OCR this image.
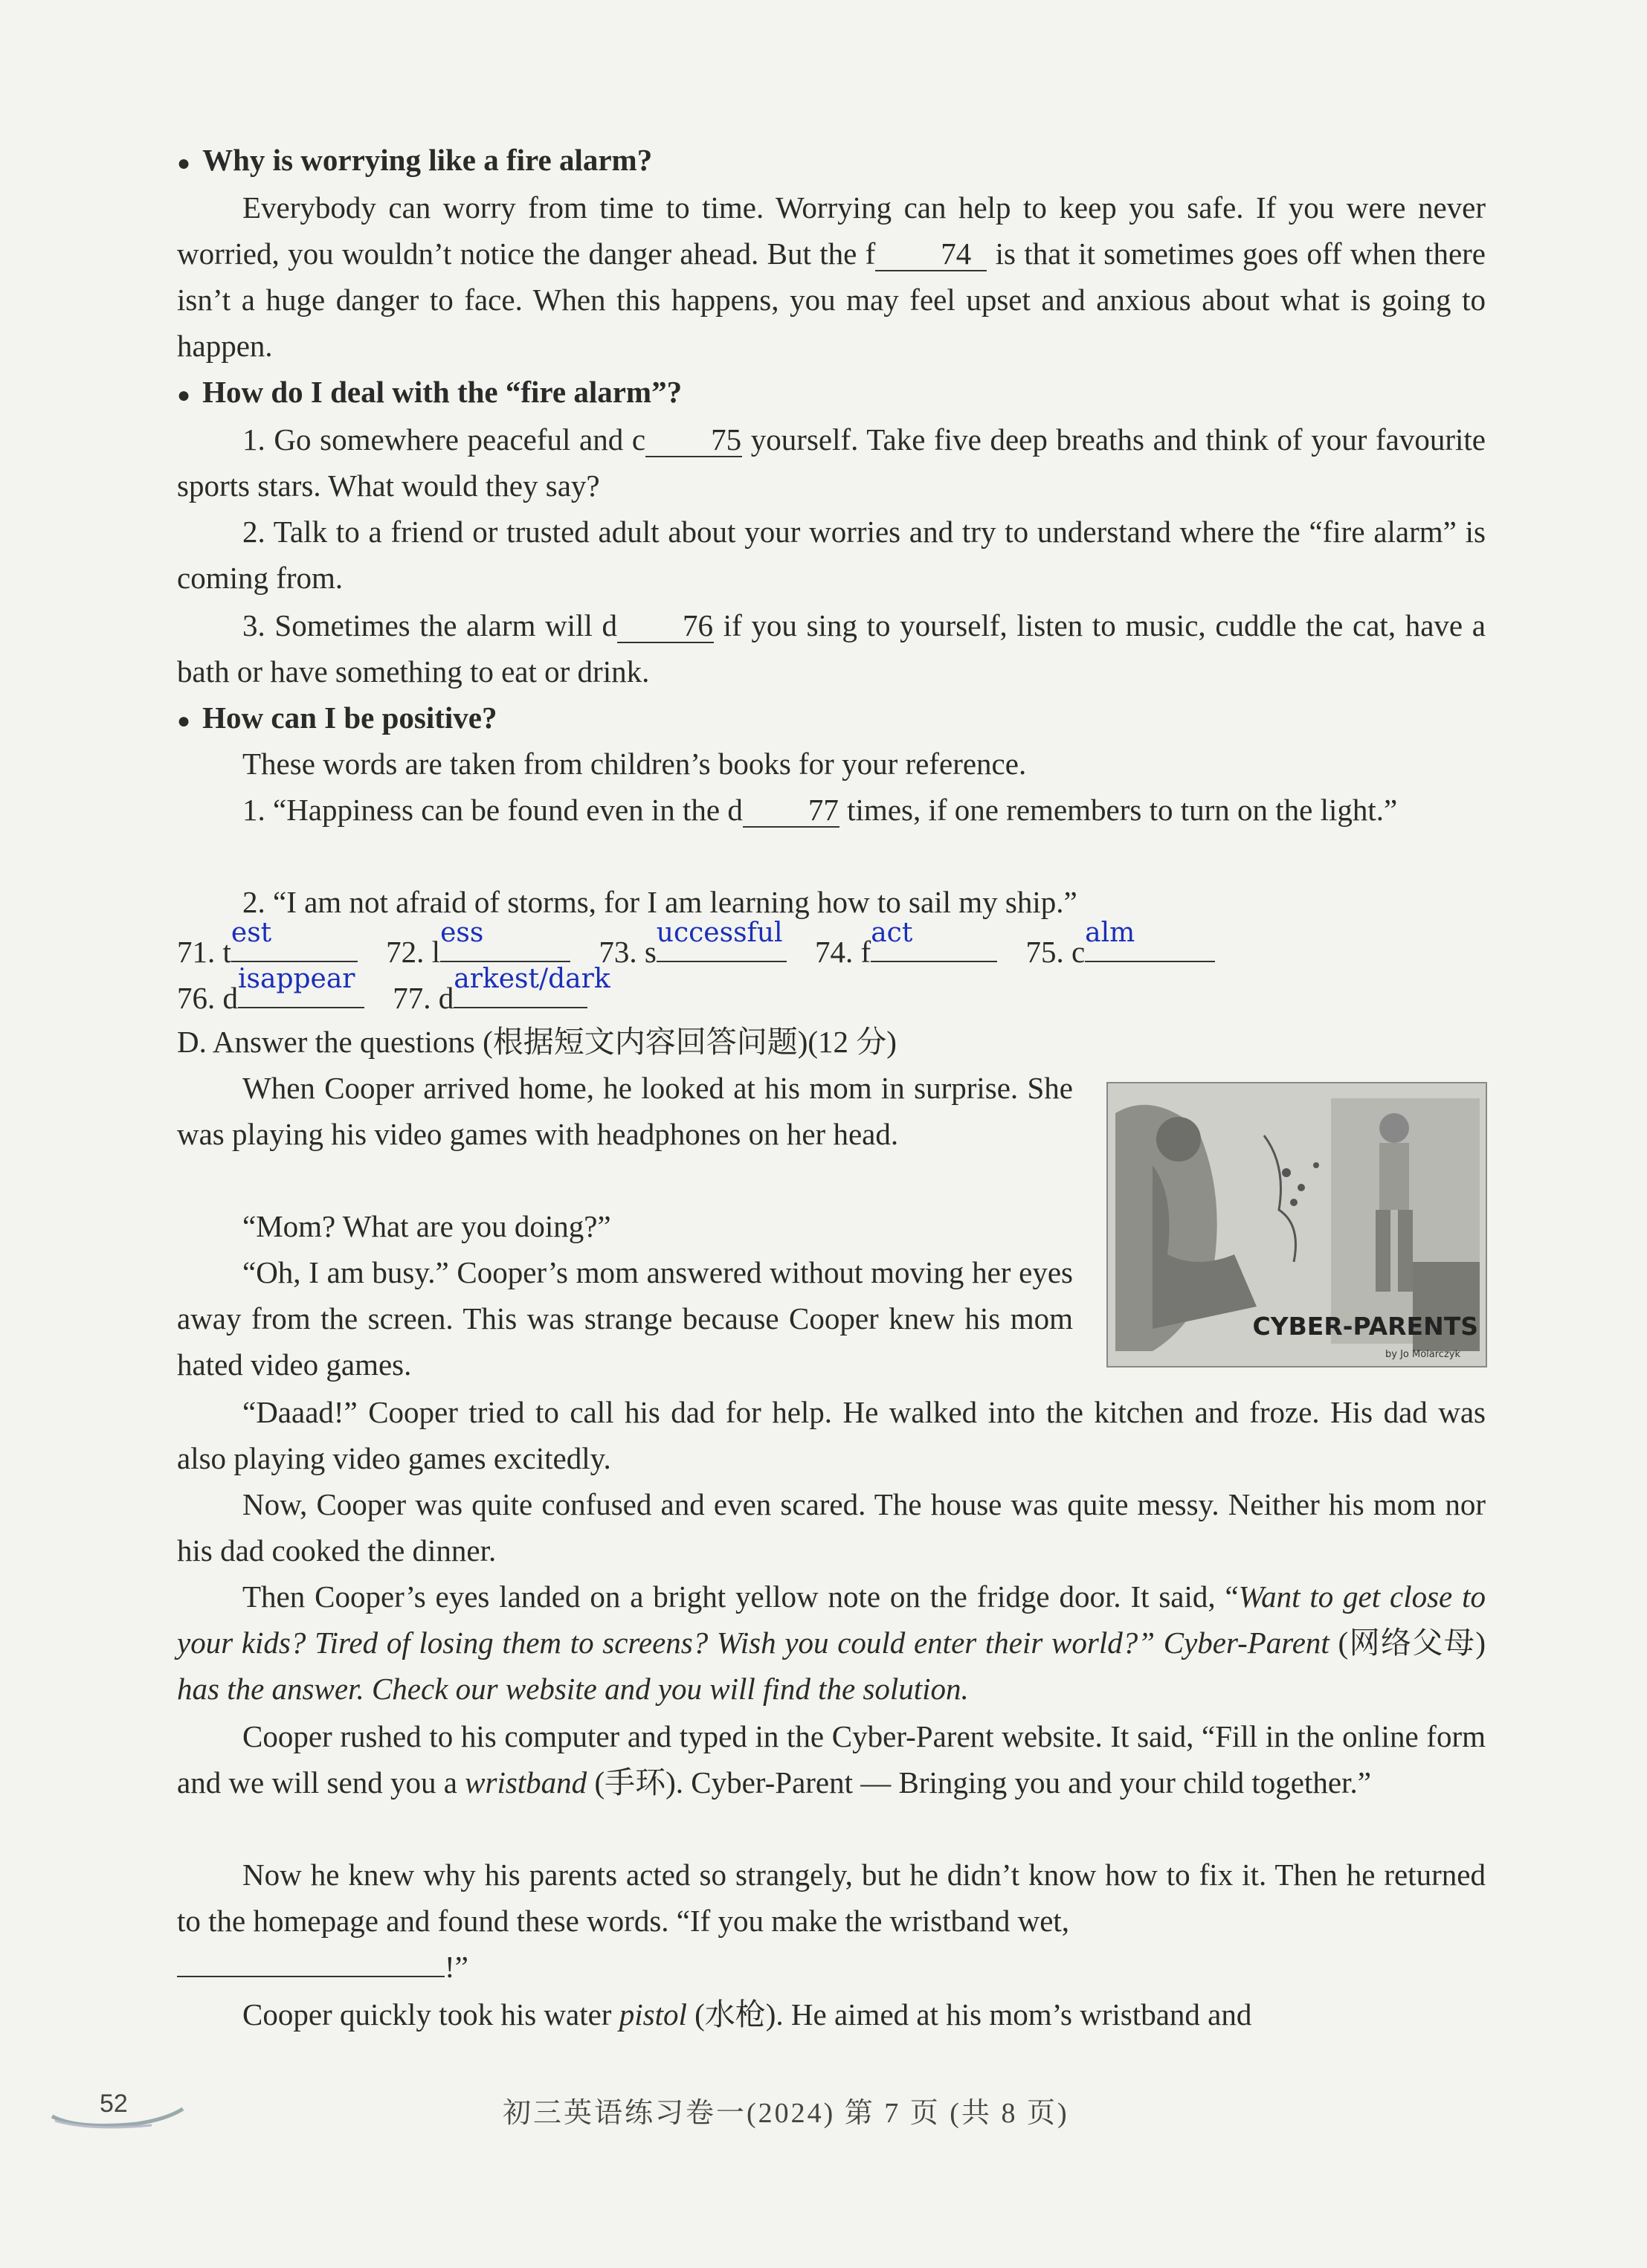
● Why is worrying like a fire alarm?

Everybody can worry from time to time. Worrying can help to keep you safe. If you were never worried, you wouldn’t notice the danger ahead. But the f 74 is that it sometimes goes off when there isn’t a huge danger to face. When this happens, you may feel upset and anxious about what is going to happen.

● How do I deal with the “fire alarm”?

1. Go somewhere peaceful and c 75 yourself. Take five deep breaths and think of your favourite sports stars. What would they say?

2. Talk to a friend or trusted adult about your worries and try to understand where the “fire alarm” is coming from.

3. Sometimes the alarm will d 76 if you sing to yourself, listen to music, cuddle the cat, have a bath or have something to eat or drink.

● How can I be positive?

These words are taken from children’s books for your reference.

1. “Happiness can be found even in the d 77 times, if one remembers to turn on the light.”

2. “I am not afraid of storms, for I am learning how to sail my ship.”

71. t
est
72. l
ess
73. s
uccessful
74. f
act
75. c
alm
76. d
isappear
77. d
arkest/dark
D. Answer the questions (根据短文内容回答问题)(12 分)

When Cooper arrived home, he looked at his mom in surprise. She was playing his video games with headphones on her head.

“Mom? What are you doing?”

“Oh, I am busy.” Cooper’s mom answered without moving her eyes away from the screen. This was strange because Cooper knew his mom hated video games.

CYBER-PARENTS
by Jo Molarczyk

“Daaad!” Cooper tried to call his dad for help. He walked into the kitchen and froze. His dad was also playing video games excitedly.

Now, Cooper was quite confused and even scared. The house was quite messy. Neither his mom nor his dad cooked the dinner.

Then Cooper’s eyes landed on a bright yellow note on the fridge door. It said, “Want to get close to your kids? Tired of losing them to screens? Wish you could enter their world?” Cyber-Parent (网络父母) has the answer. Check our website and you will find the solution.

Cooper rushed to his computer and typed in the Cyber-Parent website. It said, “Fill in the online form and we will send you a wristband (手环). Cyber-Parent — Bringing you and your child together.”

Now he knew why his parents acted so strangely, but he didn’t know how to fix it. Then he returned to the homepage and found these words. “If you make the wristband wet,
!”

Cooper quickly took his water pistol (水枪). He aimed at his mom’s wristband and

52	初三英语练习卷一(2024) 第 7 页 (共 8 页)
